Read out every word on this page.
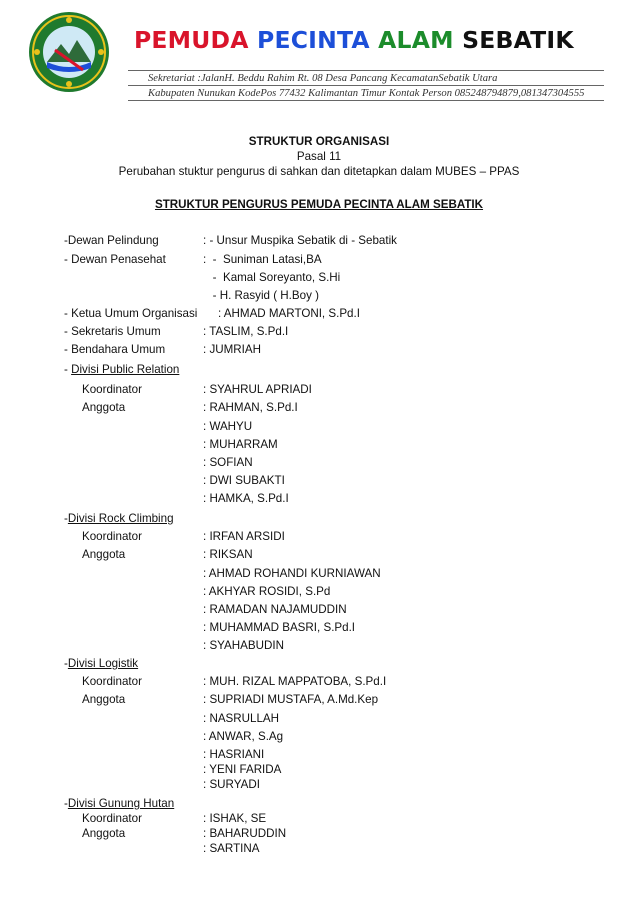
PEMUDA PECINTA ALAM SEBATIK
Sekretariat :JalanH. Beddu Rahim Rt. 08 Desa Pancang KecamatanSebatik Utara
Kabupaten Nunukan KodePos 77432 Kalimantan Timur Kontak Person 085248794879,081347304555
STRUKTUR ORGANISASI
Pasal 11
Perubahan stuktur pengurus di sahkan dan ditetapkan dalam MUBES – PPAS
STRUKTUR PENGURUS PEMUDA PECINTA ALAM SEBATIK
-Dewan Pelindung	: - Unsur Muspika Sebatik di - Sebatik
- Dewan Penasehat	:  -  Suniman Latasi,BA
-  Kamal Soreyanto, S.Hi
- H. Rasyid ( H.Boy )
- Ketua Umum Organisasi : AHMAD MARTONI, S.Pd.I
- Sekretaris Umum	: TASLIM, S.Pd.I
- Bendahara Umum	: JUMRIAH
- Divisi Public Relation
Koordinator	: SYAHRUL APRIADI
Anggota	: RAHMAN, S.Pd.I
: WAHYU
: MUHARRAM
: SOFIAN
: DWI SUBAKTI
: HAMKA, S.Pd.I
-Divisi Rock Climbing
Koordinator	: IRFAN ARSIDI
Anggota	: RIKSAN
: AHMAD ROHANDI KURNIAWAN
: AKHYAR ROSIDI, S.Pd
: RAMADAN NAJAMUDDIN
: MUHAMMAD BASRI, S.Pd.I
: SYAHABUDIN
-Divisi Logistik
Koordinator	: MUH. RIZAL MAPPATOBA, S.Pd.I
Anggota	: SUPRIADI MUSTAFA, A.Md.Kep
: NASRULLAH
: ANWAR, S.Ag
: HASRIANI
: YENI FARIDA
: SURYADI
-Divisi Gunung Hutan
Koordinator	: ISHAK, SE
Anggota	: BAHARUDDIN
: SARTINA
